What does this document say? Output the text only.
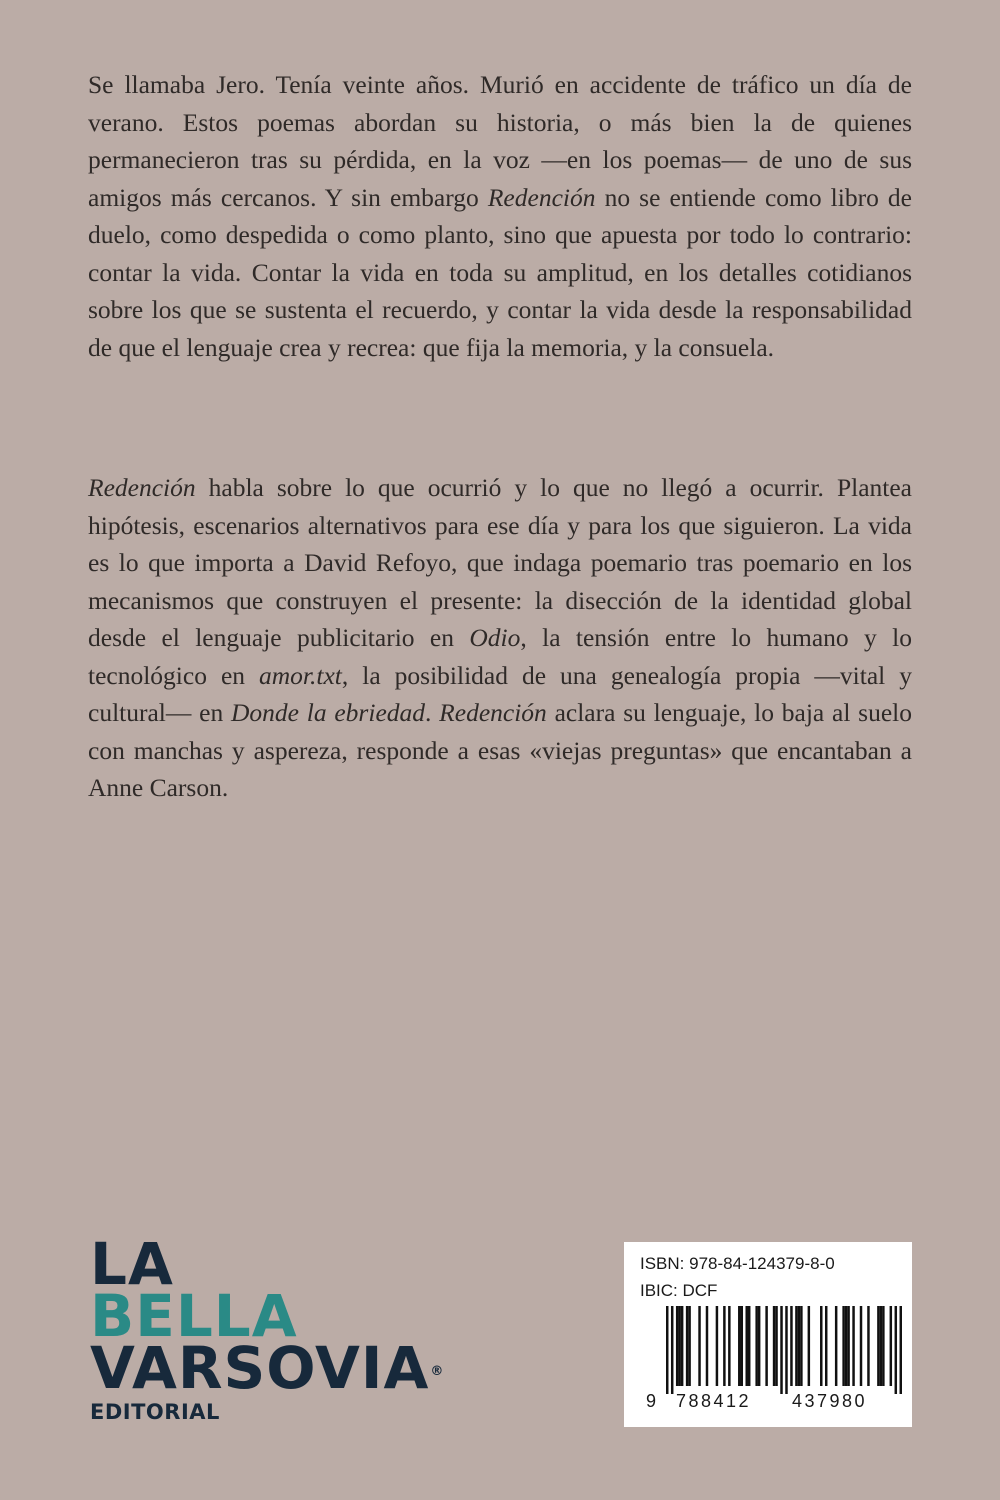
Se llamaba Jero. Tenía veinte años. Murió en accidente de tráfico un día de verano. Estos poemas abordan su historia, o más bien la de quienes permanecieron tras su pérdida, en la voz —en los poemas— de uno de sus amigos más cercanos. Y sin embargo Redención no se entiende como libro de duelo, como despedida o como planto, sino que apuesta por todo lo contrario: contar la vida. Contar la vida en toda su amplitud, en los detalles cotidianos sobre los que se sustenta el recuerdo, y contar la vida desde la responsabilidad de que el lenguaje crea y recrea: que fija la memoria, y la consuela.

Redención habla sobre lo que ocurrió y lo que no llegó a ocurrir. Plantea hipótesis, escenarios alternativos para ese día y para los que siguieron. La vida es lo que importa a David Refoyo, que indaga poemario tras poemario en los mecanismos que construyen el presente: la disección de la identidad global desde el lenguaje publicitario en Odio, la tensión entre lo humano y lo tecnológico en amor.txt, la posibilidad de una genealogía propia —vital y cultural— en Donde la ebriedad. Redención aclara su lenguaje, lo baja al suelo con manchas y aspereza, responde a esas «viejas preguntas» que encantaban a Anne Carson.

LA
BELLA
VARSOVIA ®
EDITORIAL
ISBN: 978-84-124379-8-0
IBIC: DCF
9 788412 437980
